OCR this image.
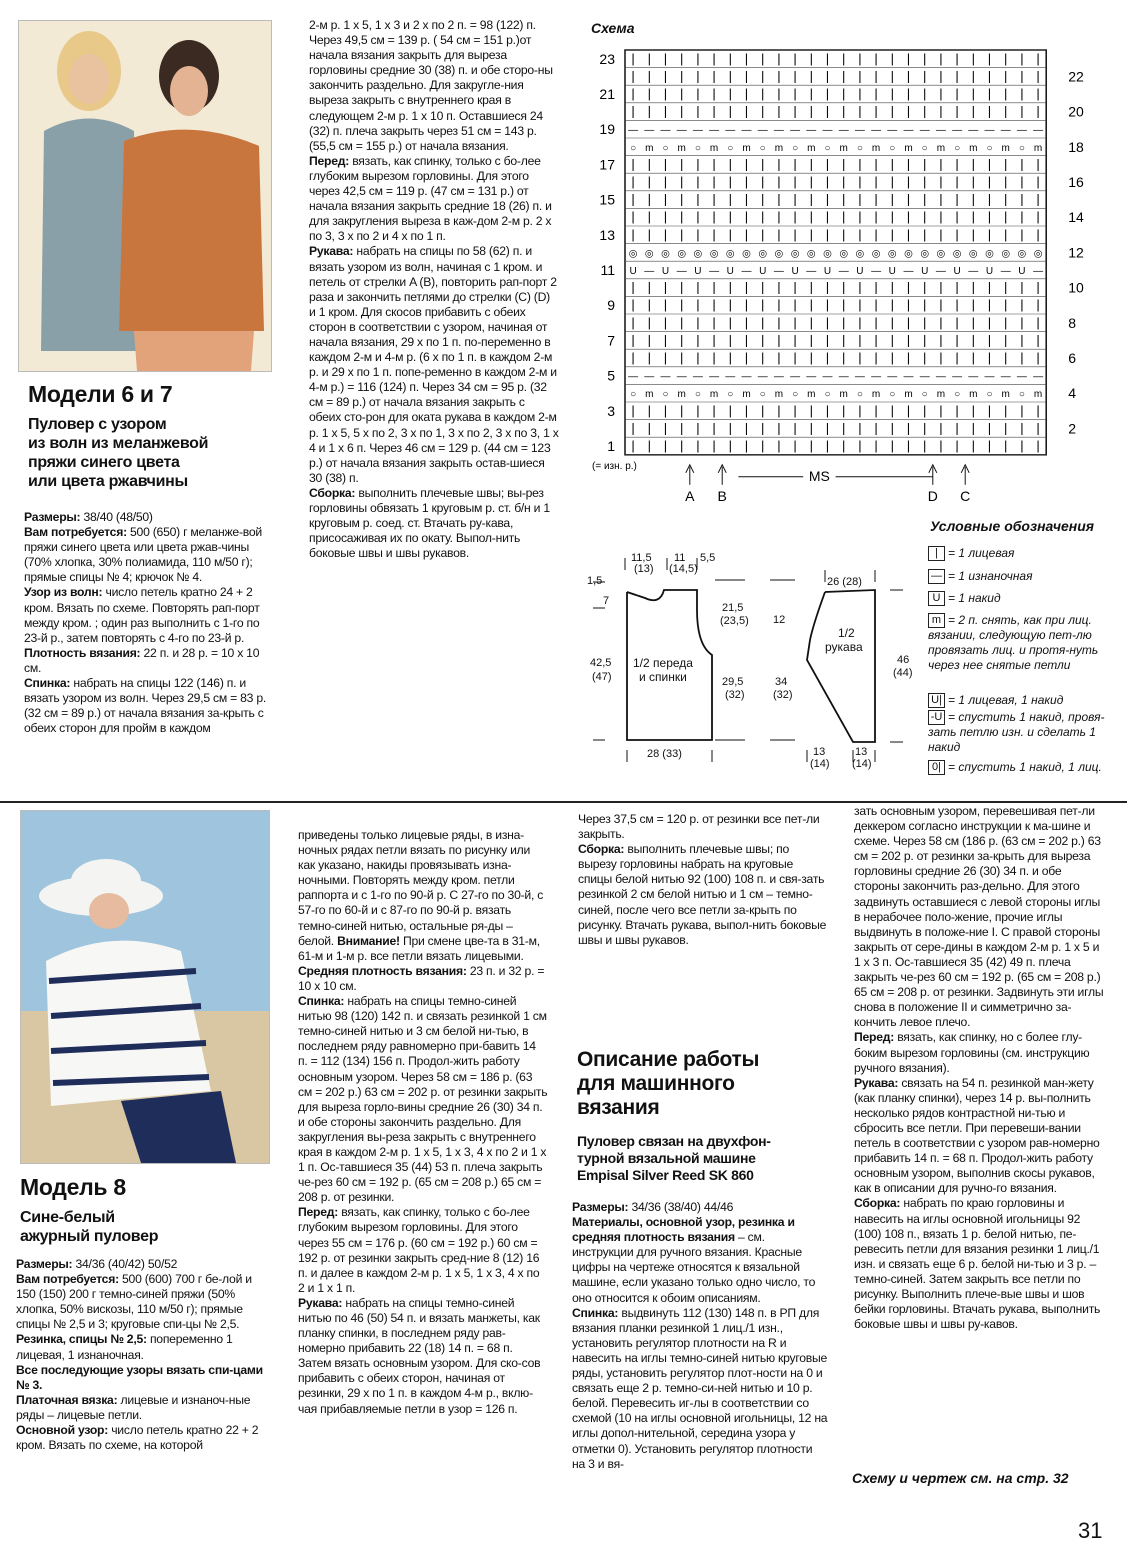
Модели 6 и 7
Пуловер с узором
из волн из меланжевой
пряжи синего цвета
или цвета ржавчины

Размеры: 38/40 (48/50)

Вам потребуется: 500 (650) г меланже-вой пряжи синего цвета или цвета ржав-чины (70% хлопка, 30% полиамида, 110 м/50 г); прямые спицы № 4; крючок № 4.

Узор из волн: число петель кратно 24 + 2 кром. Вязать по схеме. Повторять рап-порт между кром. ; один раз выполнить с 1-го по 23-й р., затем повторять с 4-го по 23-й р.

Плотность вязания: 22 п. и 28 р. = 10 х 10 см.

Спинка: набрать на спицы 122 (146) п. и вязать узором из волн. Через 29,5 см = 83 р. (32 см = 89 р.) от начала вязания за-крыть с обеих сторон для пройм в каждом

2-м р. 1 х 5, 1 х 3 и 2 х по 2 п. = 98 (122) п. Через 49,5 см = 139 р. ( 54 см = 151 р.)от начала вязания закрыть для выреза горловины средние 30 (38) п. и обе сторо-ны закончить раздельно. Для закругле-ния выреза закрыть с внутреннего края в следующем 2-м р. 1 х 10 п. Оставшиеся 24 (32) п. плеча закрыть через 51 см = 143 р. (55,5 см = 155 р.) от начала вязания.

Перед: вязать, как спинку, только с бо-лее глубоким вырезом горловины. Для этого через 42,5 см = 119 р. (47 см = 131 р.) от начала вязания закрыть средние 18 (26) п. и для закругления выреза в каж-дом 2-м р. 2 х по 3, 3 х по 2 и 4 х по 1 п.

Рукава: набрать на спицы по 58 (62) п. и вязать узором из волн, начиная с 1 кром. и петель от стрелки A (B), повторить рап-порт 2 раза и закончить петлями до стрелки (C) (D) и 1 кром. Для скосов прибавить с обеих сторон в соответствии с узором, начиная от начала вязания, 29 х по 1 п. по-переменно в каждом 2-м и 4-м р. (6 х по 1 п. в каждом 2-м р. и 29 х по 1 п. попе-ременно в каждом 2-м и 4-м р.) = 116 (124) п. Через 34 см = 95 р. (32 см = 89 р.) от начала вязания закрыть с обеих сто-рон для оката рукава в каждом 2-м р. 1 х 5, 5 х по 2, 3 х по 1, 3 х по 2, 3 х по 3, 1 х 4 и 1 х 6 п. Через 46 см = 129 р. (44 см = 123 р.) от начала вязания закрыть остав-шиеся 30 (38) п.

Сборка: выполнить плечевые швы; вы-рез горловины обвязать 1 круговым р. ст. б/н и 1 круговым р. соед. ст. Втачать ру-кава, присосаживая их по окату. Выпол-нить боковые швы и швы рукавов.

Схема
| | | | | | | | | | | | | | | | | | | | | | | | | |
| | | | | | | | | | | | | | | | | | | | | | | | | |
| | | | | | | | | | | | | | | | | | | | | | | | | |
| | | | | | | | | | | | | | | | | | | | | | | | | |
— — — — — — — — — — — — — — — — — — — — — — — — — —
○ m ○ m ○ m ○ m ○ m ○ m ○ m ○ m ○ m ○ m ○ m ○ m ○ m
| | | | | | | | | | | | | | | | | | | | | | | | | |
| | | | | | | | | | | | | | | | | | | | | | | | | |
| | | | | | | | | | | | | | | | | | | | | | | | | |
| | | | | | | | | | | | | | | | | | | | | | | | | |
| | | | | | | | | | | | | | | | | | | | | | | | | |
◎ ◎ ◎ ◎ ◎ ◎ ◎ ◎ ◎ ◎ ◎ ◎ ◎ ◎ ◎ ◎ ◎ ◎ ◎ ◎ ◎ ◎ ◎ ◎ ◎ ◎
U — U — U — U — U — U — U — U — U — U — U — U — U —
| | | | | | | | | | | | | | | | | | | | | | | | | |
| | | | | | | | | | | | | | | | | | | | | | | | | |
| | | | | | | | | | | | | | | | | | | | | | | | | |
| | | | | | | | | | | | | | | | | | | | | | | | | |
| | | | | | | | | | | | | | | | | | | | | | | | | |
— — — — — — — — — — — — — — — — — — — — — — — — — —
○ m ○ m ○ m ○ m ○ m ○ m ○ m ○ m ○ m ○ m ○ m ○ m ○ m
| | | | | | | | | | | | | | | | | | | | | | | | | |
| | | | | | | | | | | | | | | | | | | | | | | | | |
| | | | | | | | | | | | | | | | | | | | | | | | | |
23
21
19
17
15
13
11
9
7
5
3
1
22
20
18
16
14
12
10
8
6
4
2
(= изн. р.)
A B	D C
MS
Условные обозначения
| = 1 лицевая
— = 1 изнаночная
U = 1 накид
m = 2 п. снять, как при лиц. вязании, следующую пет-лю провязать лиц. и протя-нуть через нее снятые петли
U| = 1 лицевая, 1 накид
-U = спустить 1 накид, провя-зать петлю изн. и сделать 1 накид
0| = спустить 1 накид, 1 лиц.
11,5
(13)
11
(14,5)
5,5
26 (28)
1,5
7
42,5
(47)
1/2 переда
и спинки
21,5
(23,5) 12
29,5
(32)
34
(32)
1/2
рукава
46
(44)
28 (33)	13
(14)
13
(14)
Модель 8
Сине-белый
ажурный пуловер

Размеры: 34/36 (40/42) 50/52

Вам потребуется: 500 (600) 700 г бе-лой и 150 (150) 200 г темно-синей пряжи (50% хлопка, 50% вискозы, 110 м/50 г); прямые спицы № 2,5 и 3; круговые спи-цы № 2,5.

Резинка, спицы № 2,5: попеременно 1 лицевая, 1 изнаночная.

Все последующие узоры вязать спи-цами № 3.

Платочная вязка: лицевые и изнаноч-ные ряды – лицевые петли.

Основной узор: число петель кратно 22 + 2 кром. Вязать по схеме, на которой

приведены только лицевые ряды, в изна-ночных рядах петли вязать по рисунку или как указано, накиды провязывать изна-ночными. Повторять между кром. петли раппорта и с 1-го по 90-й р. С 27-го по 30-й, с 57-го по 60-й и с 87-го по 90-й р. вязать темно-синей нитью, остальные ря-ды – белой. Внимание! При смене цве-та в 31-м, 61-м и 1-м р. все петли вязать лицевыми.

Средняя плотность вязания: 23 п. и 32 р. = 10 х 10 см.

Спинка: набрать на спицы темно-синей нитью 98 (120) 142 п. и связать резинкой 1 см темно-синей нитью и 3 см белой ни-тью, в последнем ряду равномерно при-бавить 14 п. = 112 (134) 156 п. Продол-жить работу основным узором. Через 58 см = 186 р. (63 см = 202 р.) 63 см = 202 р. от резинки закрыть для выреза горло-вины средние 26 (30) 34 п. и обе стороны закончить раздельно. Для закругления вы-реза закрыть с внутреннего края в каждом 2-м р. 1 х 5, 1 х 3, 4 х по 2 и 1 х 1 п. Ос-тавшиеся 35 (44) 53 п. плеча закрыть че-рез 60 см = 192 р. (65 см = 208 р.) 65 см = 208 р. от резинки.

Перед: вязать, как спинку, только с бо-лее глубоким вырезом горловины. Для этого через 55 см = 176 р. (60 см = 192 р.) 60 см = 192 р. от резинки закрыть сред-ние 8 (12) 16 п. и далее в каждом 2-м р. 1 х 5, 1 х 3, 4 х по 2 и 1 х 1 п.

Рукава: набрать на спицы темно-синей нитью по 46 (50) 54 п. и вязать манжеты, как планку спинки, в последнем ряду рав-номерно прибавить 22 (18) 14 п. = 68 п. Затем вязать основным узором. Для ско-сов прибавить с обеих сторон, начиная от резинки, 29 х по 1 п. в каждом 4-м р., вклю-чая прибавляемые петли в узор = 126 п.

Через 37,5 см = 120 р. от резинки все пет-ли закрыть.

Сборка: выполнить плечевые швы; по вырезу горловины набрать на круговые спицы белой нитью 92 (100) 108 п. и свя-зать резинкой 2 см белой нитью и 1 см – темно-синей, после чего все петли за-крыть по рисунку. Втачать рукава, выпол-нить боковые швы и швы рукавов.

Описание работы
для машинного
вязания
Пуловер связан на двухфон-
турной вязальной машине
Empisal Silver Reed SK 860

Размеры: 34/36 (38/40) 44/46

Материалы, основной узор, резинка и средняя плотность вязания – см. инструкции для ручного вязания. Красные цифры на чертеже относятся к вязальной машине, если указано только одно число, то оно относится к обоим описаниям.

Спинка: выдвинуть 112 (130) 148 п. в РП для вязания планки резинкой 1 лиц./1 изн., установить регулятор плотности на R и навесить на иглы темно-синей нитью круговые ряды, установить регулятор плот-ности на 0 и связать еще 2 р. темно-си-ней нитью и 10 р. белой. Перевесить иг-лы в соответствии со схемой (10 на иглы основной игольницы, 12 на иглы допол-нительной, середина узора у отметки 0). Установить регулятор плотности на 3 и вя-

зать основным узором, перевешивая пет-ли деккером согласно инструкции к ма-шине и схеме. Через 58 см (186 р. (63 см = 202 р.) 63 см = 202 р. от резинки за-крыть для выреза горловины средние 26 (30) 34 п. и обе стороны закончить раз-дельно. Для этого задвинуть оставшиеся с левой стороны иглы в нерабочее поло-жение, прочие иглы выдвинуть в положе-ние I. С правой стороны закрыть от сере-дины в каждом 2-м р. 1 х 5 и 1 х 3 п. Ос-тавшиеся 35 (42) 49 п. плеча закрыть че-рез 60 см = 192 р. (65 см = 208 р.) 65 см = 208 р. от резинки. Задвинуть эти иглы снова в положение II и симметрично за-кончить левое плечо.

Перед: вязать, как спинку, но с более глу-боким вырезом горловины (см. инструкцию ручного вязания).

Рукава: связать на 54 п. резинкой ман-жету (как планку спинки), через 14 р. вы-полнить несколько рядов контрастной ни-тью и сбросить все петли. При перевеши-вании петель в соответствии с узором рав-номерно прибавить 14 п. = 68 п. Продол-жить работу основным узором, выполнив скосы рукавов, как в описании для ручно-го вязания.

Сборка: набрать по краю горловины и навесить на иглы основной игольницы 92 (100) 108 п., вязать 1 р. белой нитью, пе-ревесить петли для вязания резинки 1 лиц./1 изн. и связать еще 6 р. белой ни-тью и 3 р. – темно-синей. Затем закрыть все петли по рисунку. Выполнить плече-вые швы и шов бейки горловины. Втачать рукава, выполнить боковые швы и швы ру-кавов.

Схему и чертеж см. на стр. 32
31
